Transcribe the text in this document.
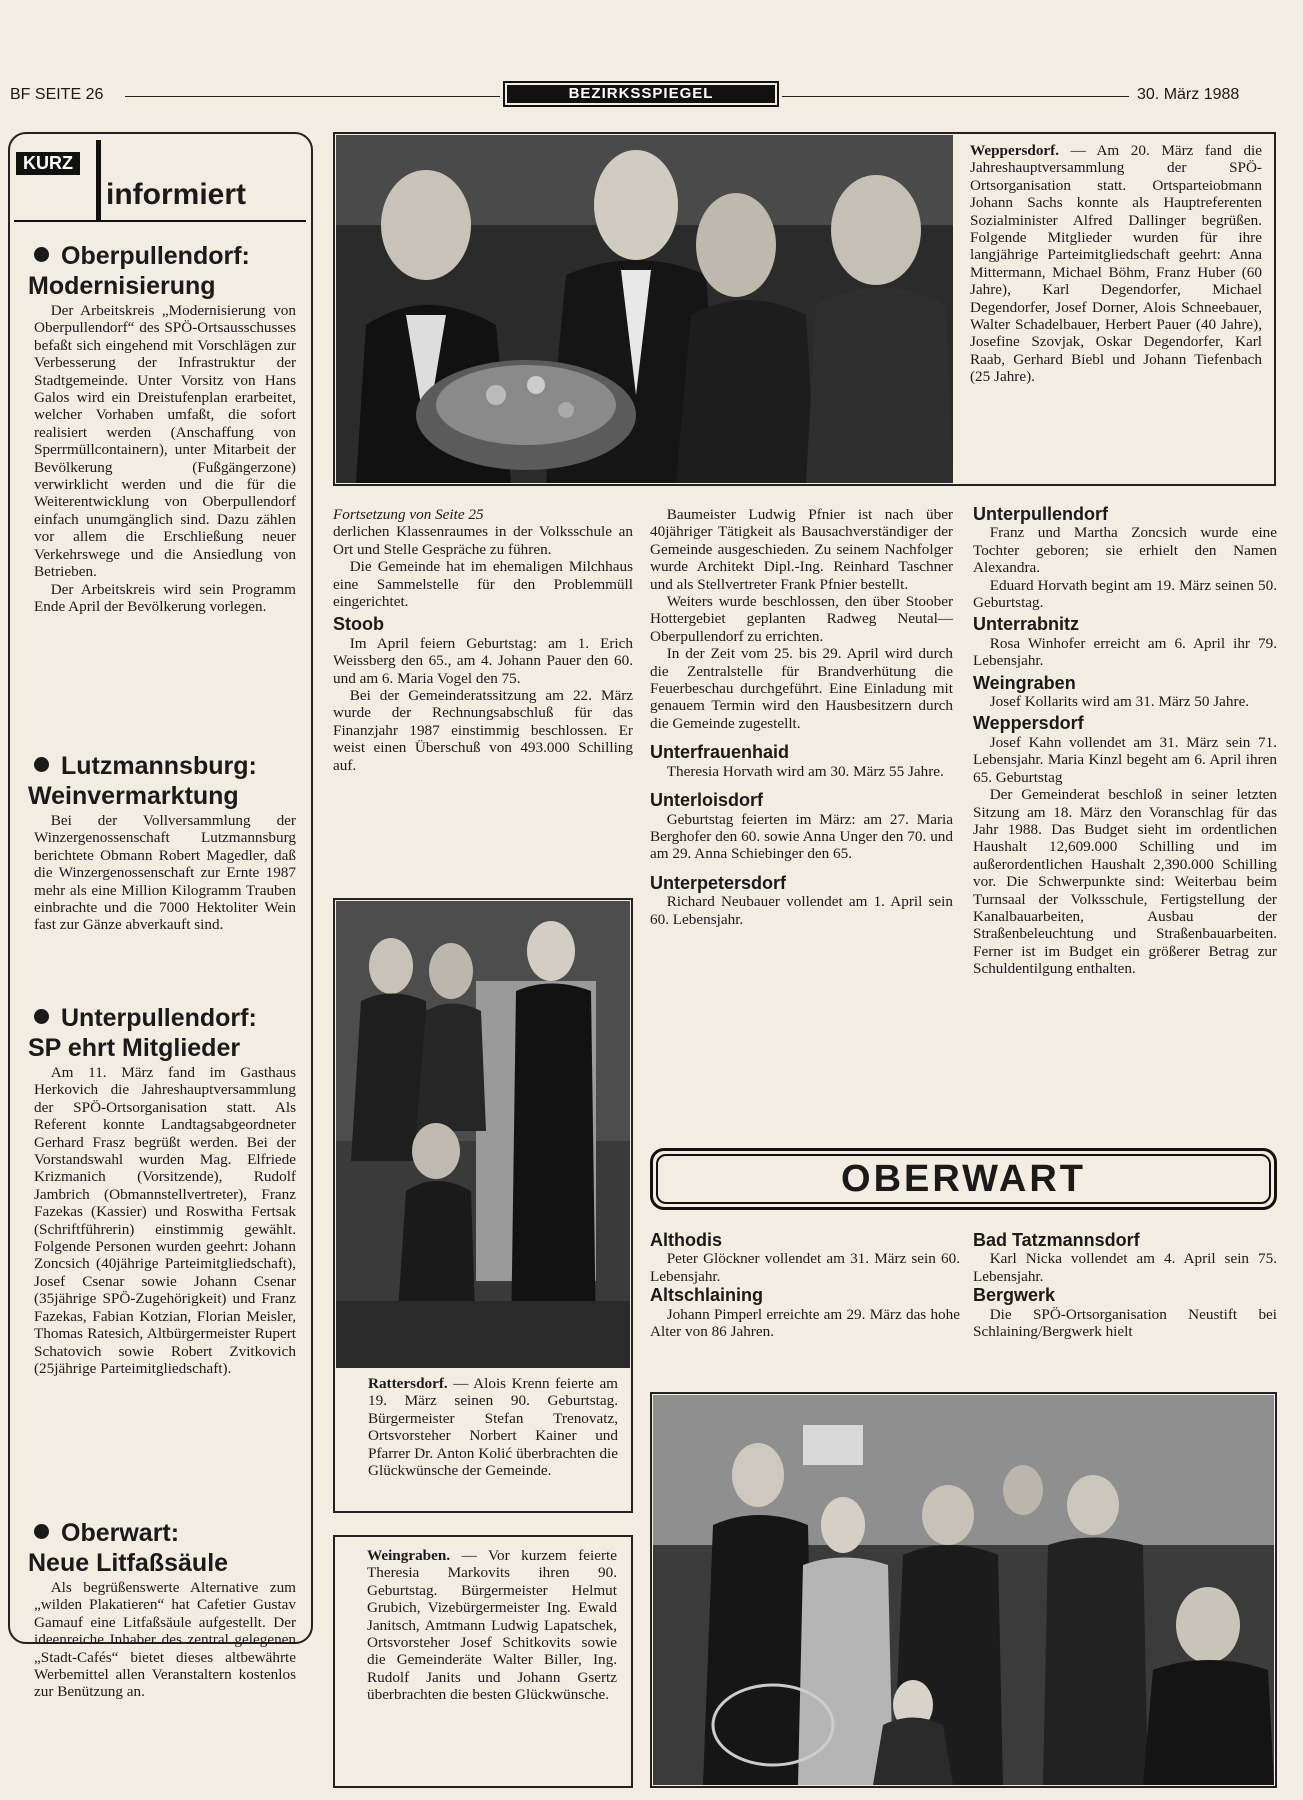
BF SEITE 26	BEZIRKSSPIEGEL	30. März 1988
KURZ
informiert
Oberpullendorf:
Modernisierung

Der Arbeitskreis „Modernisierung von Oberpullendorf“ des SPÖ-Ortsausschusses befaßt sich eingehend mit Vorschlägen zur Verbesserung der Infrastruktur der Stadtgemeinde. Unter Vorsitz von Hans Galos wird ein Dreistufenplan erarbeitet, welcher Vorhaben umfaßt, die sofort realisiert werden (Anschaffung von Sperrmüllcontainern), unter Mitarbeit der Bevölkerung (Fußgängerzone) verwirklicht werden und die für die Weiterentwicklung von Oberpullendorf einfach unumgänglich sind. Dazu zählen vor allem die Erschließung neuer Verkehrswege und die Ansiedlung von Betrieben.

Der Arbeitskreis wird sein Programm Ende April der Bevölkerung vorlegen.

Lutzmannsburg:
Weinvermarktung

Bei der Vollversammlung der Winzergenossenschaft Lutzmannsburg berichtete Obmann Robert Magedler, daß die Winzergenossenschaft zur Ernte 1987 mehr als eine Million Kilogramm Trauben einbrachte und die 7000 Hektoliter Wein fast zur Gänze abverkauft sind.

Unterpullendorf:
SP ehrt Mitglieder

Am 11. März fand im Gasthaus Herkovich die Jahreshauptversammlung der SPÖ-Ortsorganisation statt. Als Referent konnte Landtagsabgeordneter Gerhard Frasz begrüßt werden. Bei der Vorstandswahl wurden Mag. Elfriede Krizmanich (Vorsitzende), Rudolf Jambrich (Obmannstellvertreter), Franz Fazekas (Kassier) und Roswitha Fertsak (Schriftführerin) einstimmig gewählt. Folgende Personen wurden geehrt: Johann Zoncsich (40jährige Parteimitgliedschaft), Josef Csenar sowie Johann Csenar (35jährige SPÖ-Zugehörigkeit) und Franz Fazekas, Fabian Kotzian, Florian Meisler, Thomas Ratesich, Altbürgermeister Rupert Schatovich sowie Robert Zvitkovich (25jährige Parteimitgliedschaft).

Oberwart:
Neue Litfaßsäule

Als begrüßenswerte Alternative zum „wilden Plakatieren“ hat Cafetier Gustav Gamauf eine Litfaßsäule aufgestellt. Der ideenreiche Inhaber des zentral gelegenen „Stadt-Cafés“ bietet dieses altbewährte Werbemittel allen Veranstaltern kostenlos zur Benützung an.

Weppersdorf. — Am 20. März fand die Jahreshauptversammlung der SPÖ-Ortsorganisation statt. Ortsparteiobmann Johann Sachs konnte als Hauptreferenten Sozialminister Alfred Dallinger begrüßen. Folgende Mitglieder wurden für ihre langjährige Parteimitgliedschaft geehrt: Anna Mittermann, Michael Böhm, Franz Huber (60 Jahre), Karl Degendorfer, Michael Degendorfer, Josef Dorner, Alois Schneebauer, Walter Schadelbauer, Herbert Pauer (40 Jahre), Josefine Szovjak, Oskar Degendorfer, Karl Raab, Gerhard Biebl und Johann Tiefenbach (25 Jahre).

Fortsetzung von Seite 25

derlichen Klassenraumes in der Volksschule an Ort und Stelle Gespräche zu führen.

Die Gemeinde hat im ehemaligen Milchhaus eine Sammelstelle für den Problemmüll eingerichtet.

Stoob

Im April feiern Geburtstag: am 1. Erich Weissberg den 65., am 4. Johann Pauer den 60. und am 6. Maria Vogel den 75.

Bei der Gemeinderatssitzung am 22. März wurde der Rechnungsabschluß für das Finanzjahr 1987 einstimmig beschlossen. Er weist einen Überschuß von 493.000 Schilling auf.

Rattersdorf. — Alois Krenn feierte am 19. März seinen 90. Geburtstag. Bürgermeister Stefan Trenovatz, Ortsvorsteher Norbert Kainer und Pfarrer Dr. Anton Kolić überbrachten die Glückwünsche der Gemeinde.

Weingraben. — Vor kurzem feierte Theresia Markovits ihren 90. Geburtstag. Bürgermeister Helmut Grubich, Vizebürgermeister Ing. Ewald Janitsch, Amtmann Ludwig Lapatschek, Ortsvorsteher Josef Schitkovits sowie die Gemeinderäte Walter Biller, Ing. Rudolf Janits und Johann Gsertz überbrachten die besten Glückwünsche.

Baumeister Ludwig Pfnier ist nach über 40jähriger Tätigkeit als Bausachverständiger der Gemeinde ausgeschieden. Zu seinem Nachfolger wurde Architekt Dipl.-Ing. Reinhard Taschner und als Stellvertreter Frank Pfnier bestellt.

Weiters wurde beschlossen, den über Stoober Hottergebiet geplanten Radweg Neutal—Oberpullendorf zu errichten.

In der Zeit vom 25. bis 29. April wird durch die Zentralstelle für Brandverhütung die Feuerbeschau durchgeführt. Eine Einladung mit genauem Termin wird den Hausbesitzern durch die Gemeinde zugestellt.

Unterfrauenhaid

Theresia Horvath wird am 30. März 55 Jahre.

Unterloisdorf

Geburtstag feierten im März: am 27. Maria Berghofer den 60. sowie Anna Unger den 70. und am 29. Anna Schiebinger den 65.

Unterpetersdorf

Richard Neubauer vollendet am 1. April sein 60. Lebensjahr.

Unterpullendorf

Franz und Martha Zoncsich wurde eine Tochter geboren; sie erhielt den Namen Alexandra.

Eduard Horvath begint am 19. März seinen 50. Geburtstag.

Unterrabnitz

Rosa Winhofer erreicht am 6. April ihr 79. Lebensjahr.

Weingraben

Josef Kollarits wird am 31. März 50 Jahre.

Weppersdorf

Josef Kahn vollendet am 31. März sein 71. Lebensjahr. Maria Kinzl begeht am 6. April ihren 65. Geburtstag

Der Gemeinderat beschloß in seiner letzten Sitzung am 18. März den Voranschlag für das Jahr 1988. Das Budget sieht im ordentlichen Haushalt 12,609.000 Schilling und im außerordentlichen Haushalt 2,390.000 Schilling vor. Die Schwerpunkte sind: Weiterbau beim Turnsaal der Volksschule, Fertigstellung der Kanalbauarbeiten, Ausbau der Straßenbeleuchtung und Straßenbauarbeiten. Ferner ist im Budget ein größerer Betrag zur Schuldentilgung enthalten.

OBERWART
Althodis

Peter Glöckner vollendet am 31. März sein 60. Lebensjahr.

Altschlaining

Johann Pimperl erreichte am 29. März das hohe Alter von 86 Jahren.

Bad Tatzmannsdorf

Karl Nicka vollendet am 4. April sein 75. Lebensjahr.

Bergwerk

Die SPÖ-Ortsorganisation Neustift bei Schlaining/Bergwerk hielt
